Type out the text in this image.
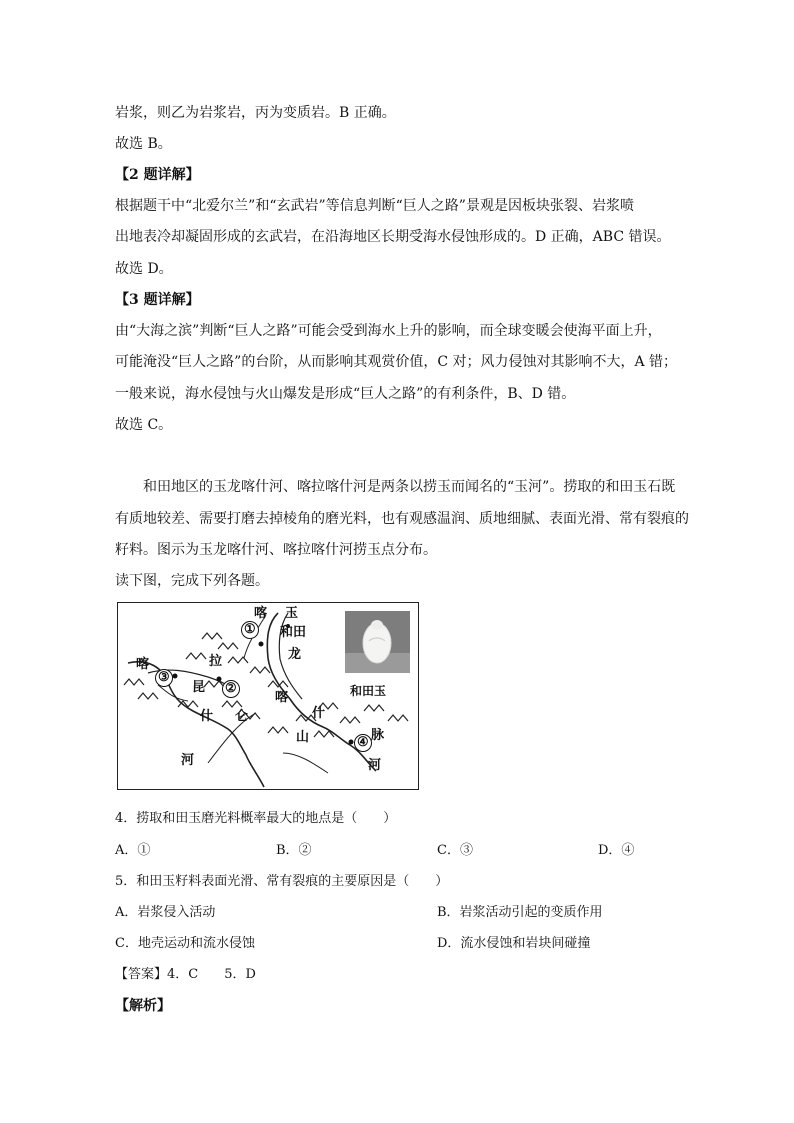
岩浆，则乙为岩浆岩，丙为变质岩。B 正确。
故选 B。
【2 题详解】
根据题干中“北爱尔兰”和“玄武岩”等信息判断“巨人之路”景观是因板块张裂、岩浆喷
出地表冷却凝固形成的玄武岩，在沿海地区长期受海水侵蚀形成的。D 正确，ABC 错误。
故选 D。
【3 题详解】
由“大海之滨”判断“巨人之路”可能会受到海水上升的影响，而全球变暖会使海平面上升，
可能淹没“巨人之路”的台阶，从而影响其观赏价值，C 对；风力侵蚀对其影响不大，A 错；
一般来说，海水侵蚀与火山爆发是形成“巨人之路”的有利条件，B、D 错。
故选 C。
和田地区的玉龙喀什河、喀拉喀什河是两条以捞玉而闻名的“玉河”。捞取的和田玉石既
有质地较差、需要打磨去掉棱角的磨光料，也有观感温润、质地细腻、表面光滑、常有裂痕的
籽料。图示为玉龙喀什河、喀拉喀什河捞玉点分布。
读下图，完成下列各题。
①
②
③
④
喀 玉
和田
龙
拉
喀
昆
什 仑
喀
什
山	脉
河	河
和田玉
4．捞取和田玉磨光料概率最大的地点是（　　）
A．①	B．②	C．③	D．④
5．和田玉籽料表面光滑、常有裂痕的主要原因是（　　）
A．岩浆侵入活动	B．岩浆活动引起的变质作用
C．地壳运动和流水侵蚀	D．流水侵蚀和岩块间碰撞
【答案】4．C　　5．D
【解析】
